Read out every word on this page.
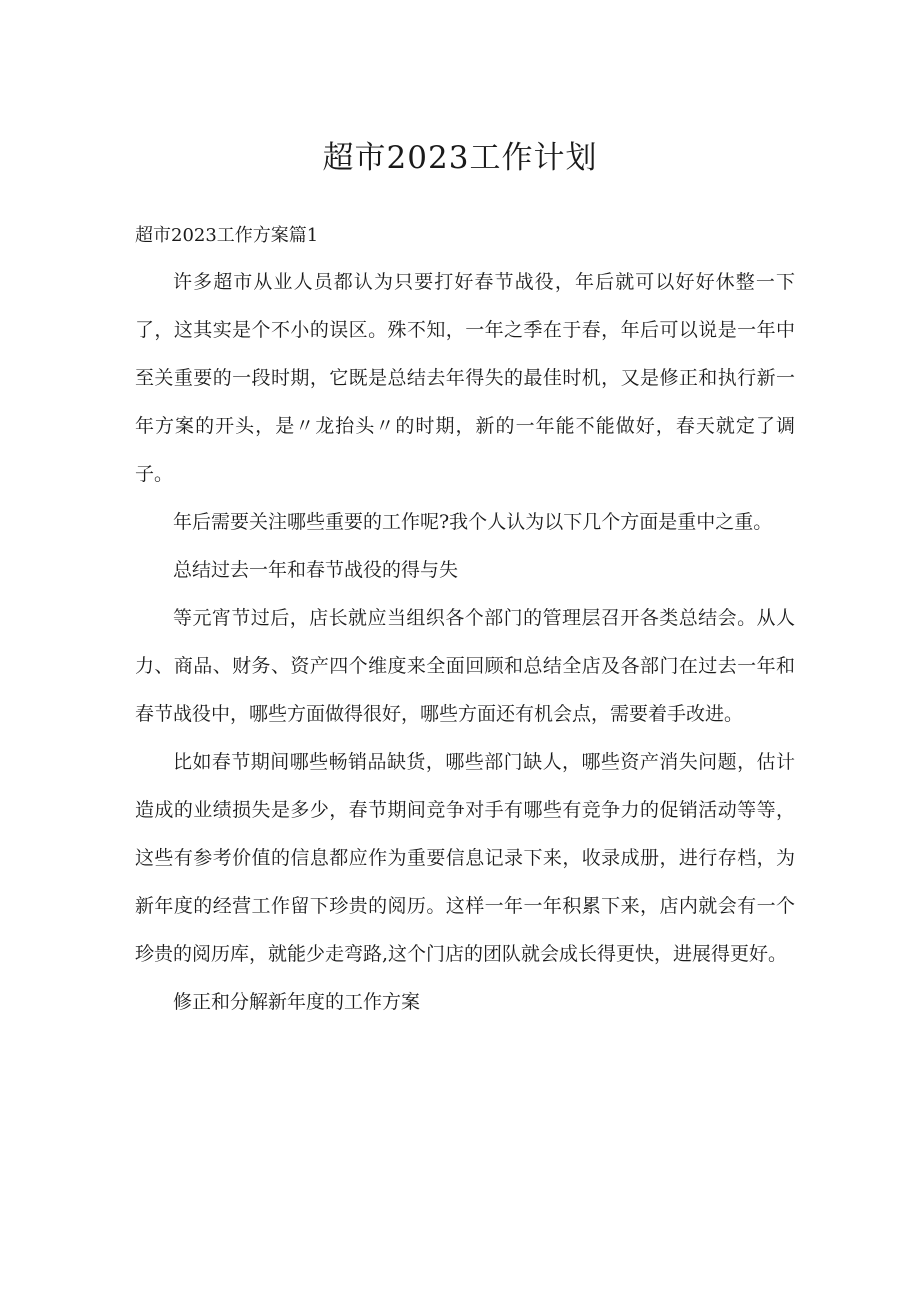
超市2023工作计划

超市2023工作方案篇1

许多超市从业人员都认为只要打好春节战役，年后就可以好好休整一下了，这其实是个不小的误区。殊不知，一年之季在于春，年后可以说是一年中至关重要的一段时期，它既是总结去年得失的最佳时机，又是修正和执行新一年方案的开头，是〃龙抬头〃的时期，新的一年能不能做好，春天就定了调子。

年后需要关注哪些重要的工作呢?我个人认为以下几个方面是重中之重。

总结过去一年和春节战役的得与失

等元宵节过后，店长就应当组织各个部门的管理层召开各类总结会。从人力、商品、财务、资产四个维度来全面回顾和总结全店及各部门在过去一年和春节战役中，哪些方面做得很好，哪些方面还有机会点，需要着手改进。

比如春节期间哪些畅销品缺货，哪些部门缺人，哪些资产消失问题，估计造成的业绩损失是多少，春节期间竞争对手有哪些有竞争力的促销活动等等，这些有参考价值的信息都应作为重要信息记录下来，收录成册，进行存档，为新年度的经营工作留下珍贵的阅历。这样一年一年积累下来，店内就会有一个珍贵的阅历库，就能少走弯路,这个门店的团队就会成长得更快，进展得更好。

修正和分解新年度的工作方案
